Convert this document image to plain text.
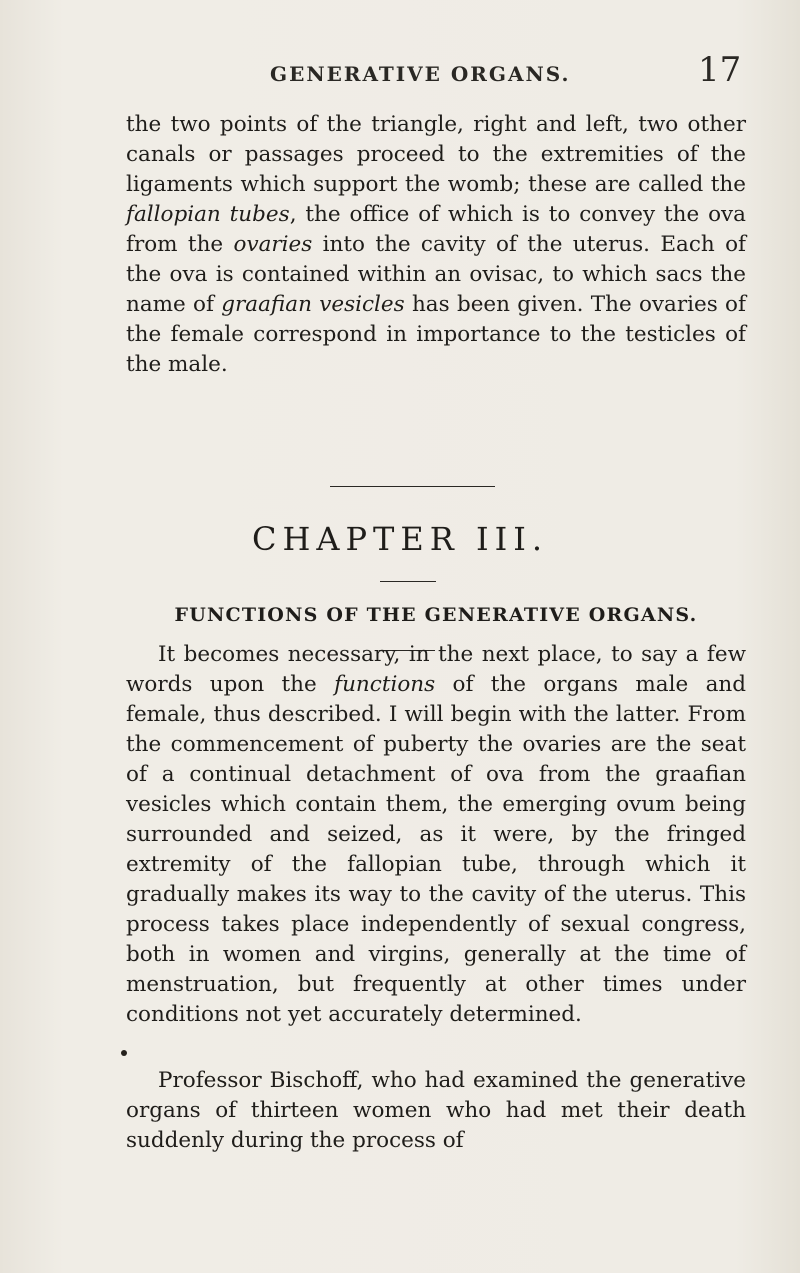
GENERATIVE ORGANS.	17

the two points of the triangle, right and left, two other canals or passages proceed to the extremities of the ligaments which support the womb; these are called the fallopian tubes, the office of which is to convey the ova from the ovaries into the cavity of the uterus. Each of the ova is contained within an ovisac, to which sacs the name of graafian vesicles has been given. The ovaries of the female correspond in importance to the testicles of the male.

CHAPTER III.
FUNCTIONS OF THE GENERATIVE ORGANS.

It becomes necessary, in the next place, to say a few words upon the functions of the organs male and female, thus described. I will begin with the latter. From the commencement of puberty the ovaries are the seat of a continual detachment of ova from the graafian vesicles which contain them, the emerging ovum being surrounded and seized, as it were, by the fringed extremity of the fallopian tube, through which it gradually makes its way to the cavity of the uterus. This process takes place independently of sexual congress, both in women and virgins, generally at the time of menstruation, but frequently at other times under conditions not yet accurately determined.

Professor Bischoff, who had examined the generative organs of thirteen women who had met their death suddenly during the process of
